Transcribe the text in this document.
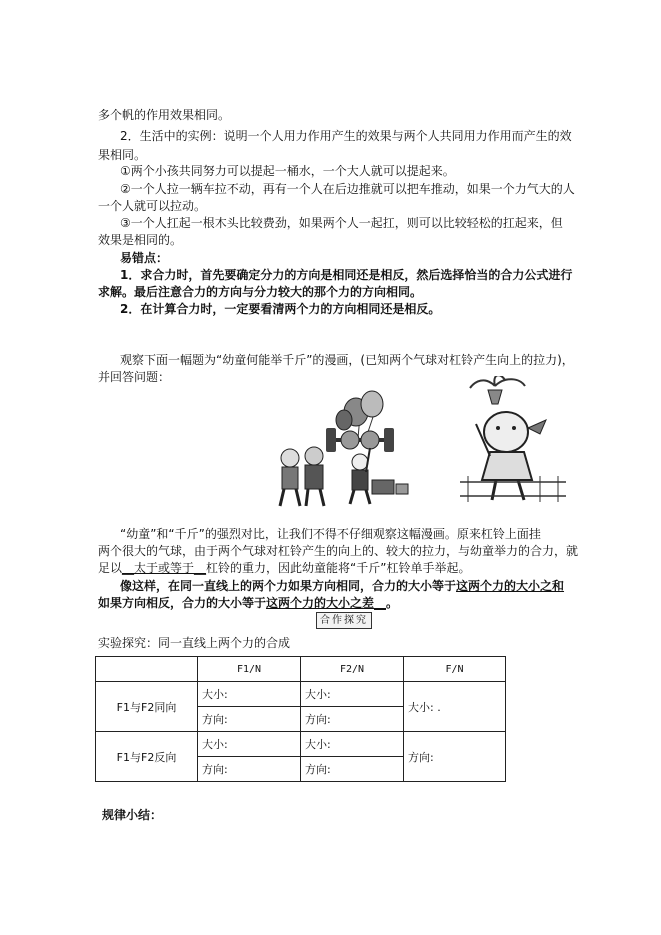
多个帆的作用效果相同。
2．生活中的实例：说明一个人用力作用产生的效果与两个人共同用力作用而产生的效
果相同。
①两个小孩共同努力可以提起一桶水，一个大人就可以提起来。
②一个人拉一辆车拉不动，再有一个人在后边推就可以把车推动，如果一个力气大的人
一个人就可以拉动。
③一个人扛起一根木头比较费劲，如果两个人一起扛，则可以比较轻松的扛起来，但
效果是相同的。
易错点：
1．求合力时，首先要确定分力的方向是相同还是相反，然后选择恰当的合力公式进行
求解。最后注意合力的方向与分力较大的那个力的方向相同。
2．在计算合力时，一定要看清两个力的方向相同还是相反。
观察下面一幅题为“幼童何能举千斤”的漫画，(已知两个气球对杠铃产生向上的拉力)，
并回答问题：
“幼童”和“千斤”的强烈对比，让我们不得不仔细观察这幅漫画。原来杠铃上面挂
两个很大的气球，由于两个气球对杠铃产生的向上的、较大的拉力，与幼童举力的合力，就
足以__太于或等于__杠铃的重力，因此幼童能将“千斤”杠铃单手举起。
像这样，在同一直线上的两个力如果方向相同，合力的大小等于这两个力的大小之和
如果方向相反，合力的大小等于这两个力的大小之差__。
合作探究
实验探究：同一直线上两个力的合成
	F1/N	F2/N	F/N
F1与F2同向	大小:	大小:	大小: .
	方向:	方向:	
F1与F2反向	大小:	大小:	方向:
	方向:	方向:	
规律小结：
